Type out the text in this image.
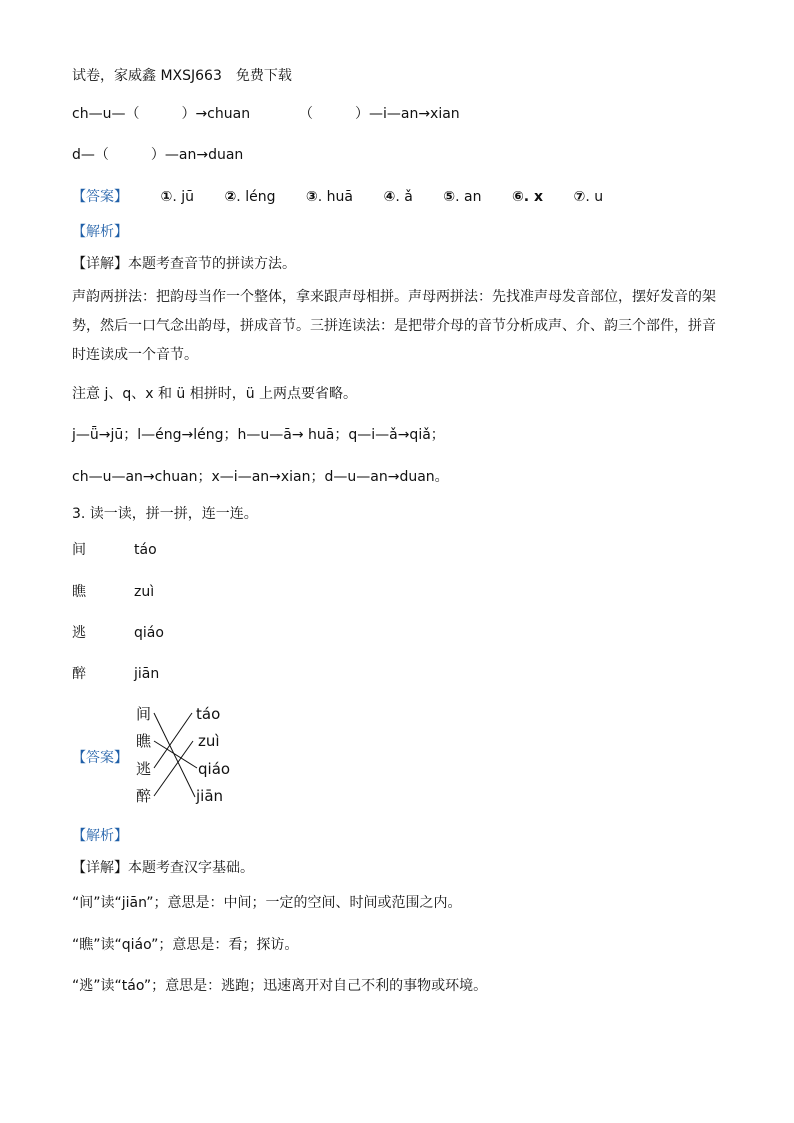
试卷，家威鑫 MXSJ663　免费下载
ch—u—（　　　）→chuan	（　　　）—i—an→xian
d—（　　　）—an→duan
【答案】 ①. jū ②. léng ③. huā ④. ǎ ⑤. an ⑥. x ⑦. u
【解析】
【详解】本题考查音节的拼读方法。
声韵两拼法：把韵母当作一个整体，拿来跟声母相拼。声母两拼法：先找准声母发音部位，摆好发音的架势，然后一口气念出韵母，拼成音节。三拼连读法：是把带介母的音节分析成声、介、韵三个部件，拼音时连读成一个音节。
注意 j、q、x 和 ü 相拼时，ü 上两点要省略。
j—ǖ→jū；l—éng→léng；h—u—ā→ huā；q—i—ǎ→qiǎ；
ch—u—an→chuan；x—i—an→xian；d—u—an→duan。
3. 读一读，拼一拼，连一连。
间	táo
瞧	zuì
逃	qiáo
醉	jiān
【答案】
间
瞧
逃
醉
táo
zuì
qiáo
jiān
【解析】
【详解】本题考查汉字基础。
“间”读“jiān”；意思是：中间；一定的空间、时间或范围之内。
“瞧”读“qiáo”；意思是：看；探访。
“逃”读“táo”；意思是：逃跑；迅速离开对自己不利的事物或环境。
